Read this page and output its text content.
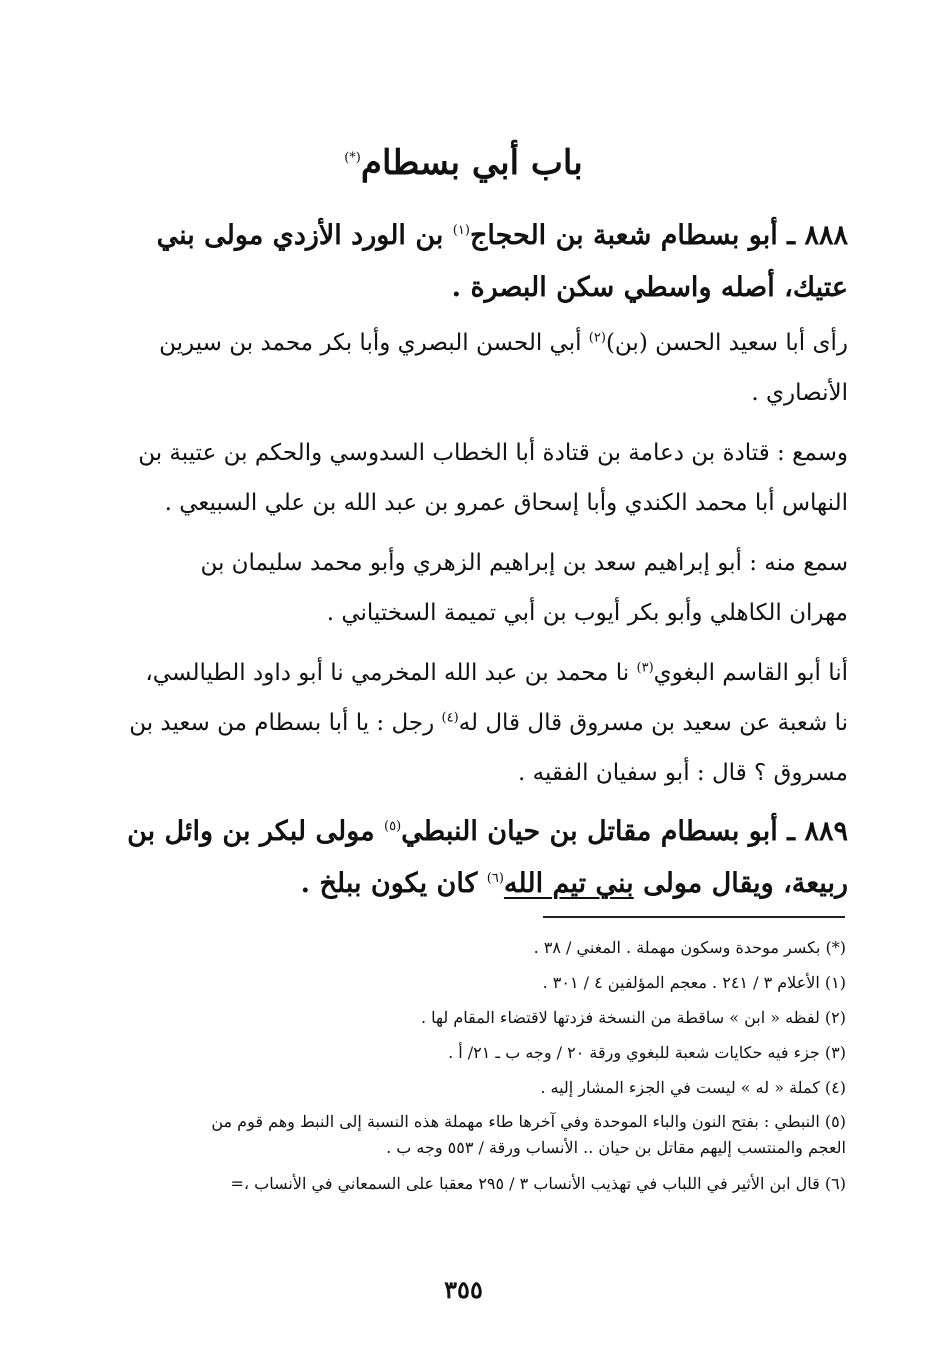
باب أبي بسطام(*)
٨٨٨ ـ أبو بسطام شعبة بن الحجاج$^{(١)}$ بن الورد الأزدي مولى بني
عتيك، أصله واسطي سكن البصرة .
رأى أبا سعيد الحسن (بن)$^{(٢)}$ أبي الحسن البصري وأبا بكر محمد بن سيرين
الأنصاري .
وسمع : قتادة بن دعامة بن قتادة أبا الخطاب السدوسي والحكم بن عتيبة بن
النهاس أبا محمد الكندي وأبا إسحاق عمرو بن عبد الله بن علي السبيعي .
سمع منه : أبو إبراهيم سعد بن إبراهيم الزهري وأبو محمد سليمان بن
مهران الكاهلي وأبو بكر أيوب بن أبي تميمة السختياني .
أنا أبو القاسم البغوي$^{(٣)}$ نا محمد بن عبد الله المخرمي نا أبو داود الطيالسي،
نا شعبة عن سعيد بن مسروق قال قال له$^{(٤)}$ رجل : يا أبا بسطام من سعيد بن
مسروق ؟ قال : أبو سفيان الفقيه .
٨٨٩ ـ أبو بسطام مقاتل بن حيان النبطي$^{(٥)}$ مولى لبكر بن وائل بن
ربيعة، ويقال مولى بني تيم الله$^{(٦)}$ كان يكون ببلخ .
(*) بكسر موحدة وسكون مهملة . المغني / ٣٨ .
(١) الأعلام ٣ / ٢٤١ . معجم المؤلفين ٤ / ٣٠١ .
(٢) لفظه « ابن » ساقطة من النسخة فزدتها لاقتضاء المقام لها .
(٣) جزء فيه حكايات شعبة للبغوي ورقة ٢٠ / وجه ب ـ ٢١/ أ .
(٤) كملة « له » ليست في الجزء المشار إليه .
(٥) النبطي : بفتح النون والباء الموحدة وفي آخرها طاء مهملة هذه النسبة إلى النبط وهم قوم من
العجم والمنتسب إليهم مقاتل بن حيان .. الأنساب ورقة / ٥٥٣ وجه ب .
(٦) قال ابن الأثير في اللباب في تهذيب الأنساب ٣ / ٢٩٥ معقبا على السمعاني في الأنساب ،=
٣٥٥
